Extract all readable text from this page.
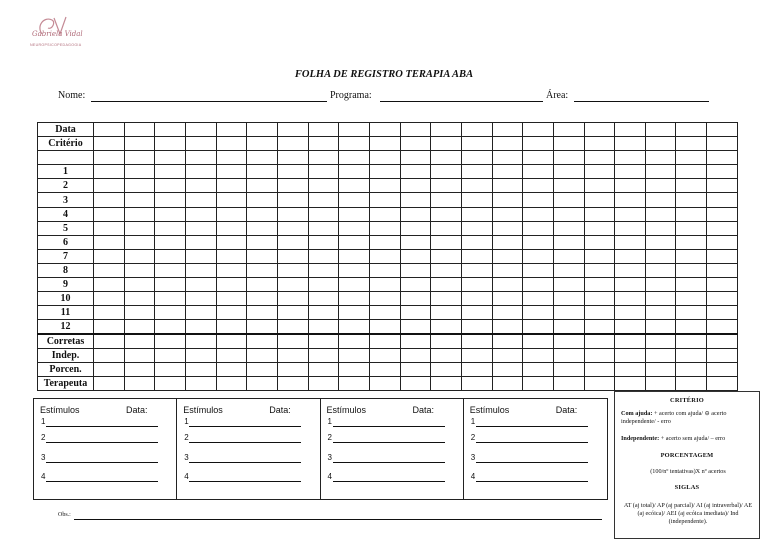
Gabriela Vidal
NEUROPSICOPEDAGOGIA
FOLHA DE REGISTRO TERAPIA ABA
Nome:	Programa:	Área:
Data																					
Critério																					

1																					
2																					
3																					
4																					
5																					
6																					
7																					
8																					
9																					
10																					
11																					
12																					
Corretas																					
Indep.																					
Porcen.																					
Terapeuta																					
Estímulos	Data:
1
2
3
4
Estímulos	Data:
1
2
3
4
Estímulos	Data:
1
2
3
4
Estímulos	Data:
1
2
3
4
Obs.:
CRITÉRIO
Com ajuda: + acerto com ajuda/ ⊖ acerto independente/ - erro
Independente: + acerto sem ajuda/ – erro
PORCENTAGEM
(100/nº tentativas)X nº acertos
SIGLAS
AT (aj total)/ AP (aj parcial)/ AI (aj intraverbal)/ AE (aj ecóica)/ AEI (aj ecóica imediata)/ Ind (independente).
